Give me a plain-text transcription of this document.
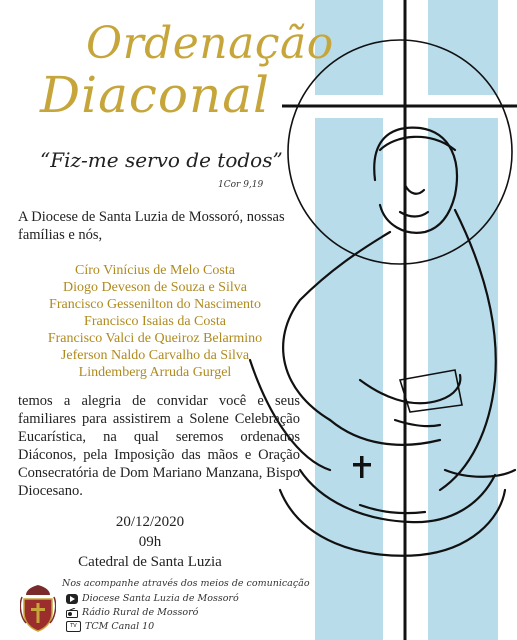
Ordenação
Diaconal
“Fiz-me servo de todos”
1Cor 9,19
A Diocese de Santa Luzia de Mossoró, nossas famílias e nós,
Círo Vinícius de Melo Costa
Diogo Deveson de Souza e Silva
Francisco Gessenilton do Nascimento
Francisco Isaias da Costa
Francisco Valci de Queiroz Belarmino
Jeferson Naldo Carvalho da Silva
Lindemberg Arruda Gurgel
temos a alegria de convidar você e seus familiares para assistirem a Solene Celebração Eucarística, na qual seremos ordenados Diáconos, pela Imposição das mãos e Oração Consecratória de Dom Mariano Manzana, Bispo Diocesano.
20/12/2020
09h
Catedral de Santa Luzia
Nos acompanhe através dos meios de comunicação
Diocese Santa Luzia de Mossoró
Rádio Rural de Mossoró
TV TCM Canal 10
